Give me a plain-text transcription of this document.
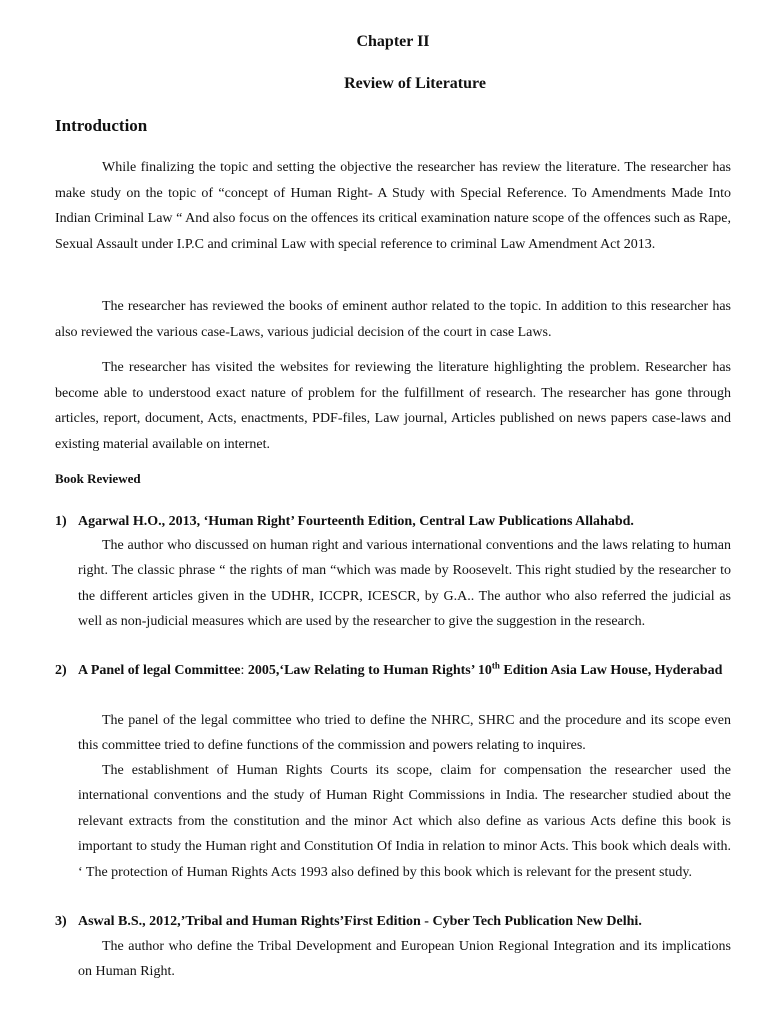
Chapter II
Review of Literature
Introduction

While finalizing the topic and setting the objective the researcher has review the literature. The researcher has make study on the topic of “concept of Human Right- A Study with Special Reference. To Amendments Made Into Indian Criminal Law “ And also focus on the offences its critical examination nature scope of the offences such as Rape, Sexual Assault under I.P.C and criminal Law with special reference to criminal Law Amendment Act 2013.

The researcher has reviewed the books of eminent author related to the topic. In addition to this researcher has also reviewed the various case-Laws, various judicial decision of the court in case Laws.

The researcher has visited the websites for reviewing the literature highlighting the problem. Researcher has become able to understood exact nature of problem for the fulfillment of research. The researcher has gone through articles, report, document, Acts, enactments, PDF-files, Law journal, Articles published on news papers case-laws and existing material available on internet.

Book Reviewed
1) Agarwal H.O., 2013, ‘Human Right’ Fourteenth Edition, Central Law Publications Allahabd.

The author who discussed on human right and various international conventions and the laws relating to human right. The classic phrase “ the rights of man “which was made by Roosevelt. This right studied by the researcher to the different articles given in the UDHR, ICCPR, ICESCR, by G.A.. The author who also referred the judicial as well as non-judicial measures which are used by the researcher to give the suggestion in the research.

2) A Panel of legal Committee: 2005,‘Law Relating to Human Rights’ 10th Edition Asia Law House, Hyderabad

The panel of the legal committee who tried to define the NHRC, SHRC and the procedure and its scope even this committee tried to define functions of the commission and powers relating to inquires.

The establishment of Human Rights Courts its scope, claim for compensation the researcher used the international conventions and the study of Human Right Commissions in India. The researcher studied about the relevant extracts from the constitution and the minor Act which also define as various Acts define this book is important to study the Human right and Constitution Of India in relation to minor Acts. This book which deals with. ‘ The protection of Human Rights Acts 1993 also defined by this book which is relevant for the present study.

3) Aswal B.S., 2012,’Tribal and Human Rights’First Edition - Cyber Tech Publication New Delhi.

The author who define the Tribal Development and European Union Regional Integration and its implications on Human Right.
